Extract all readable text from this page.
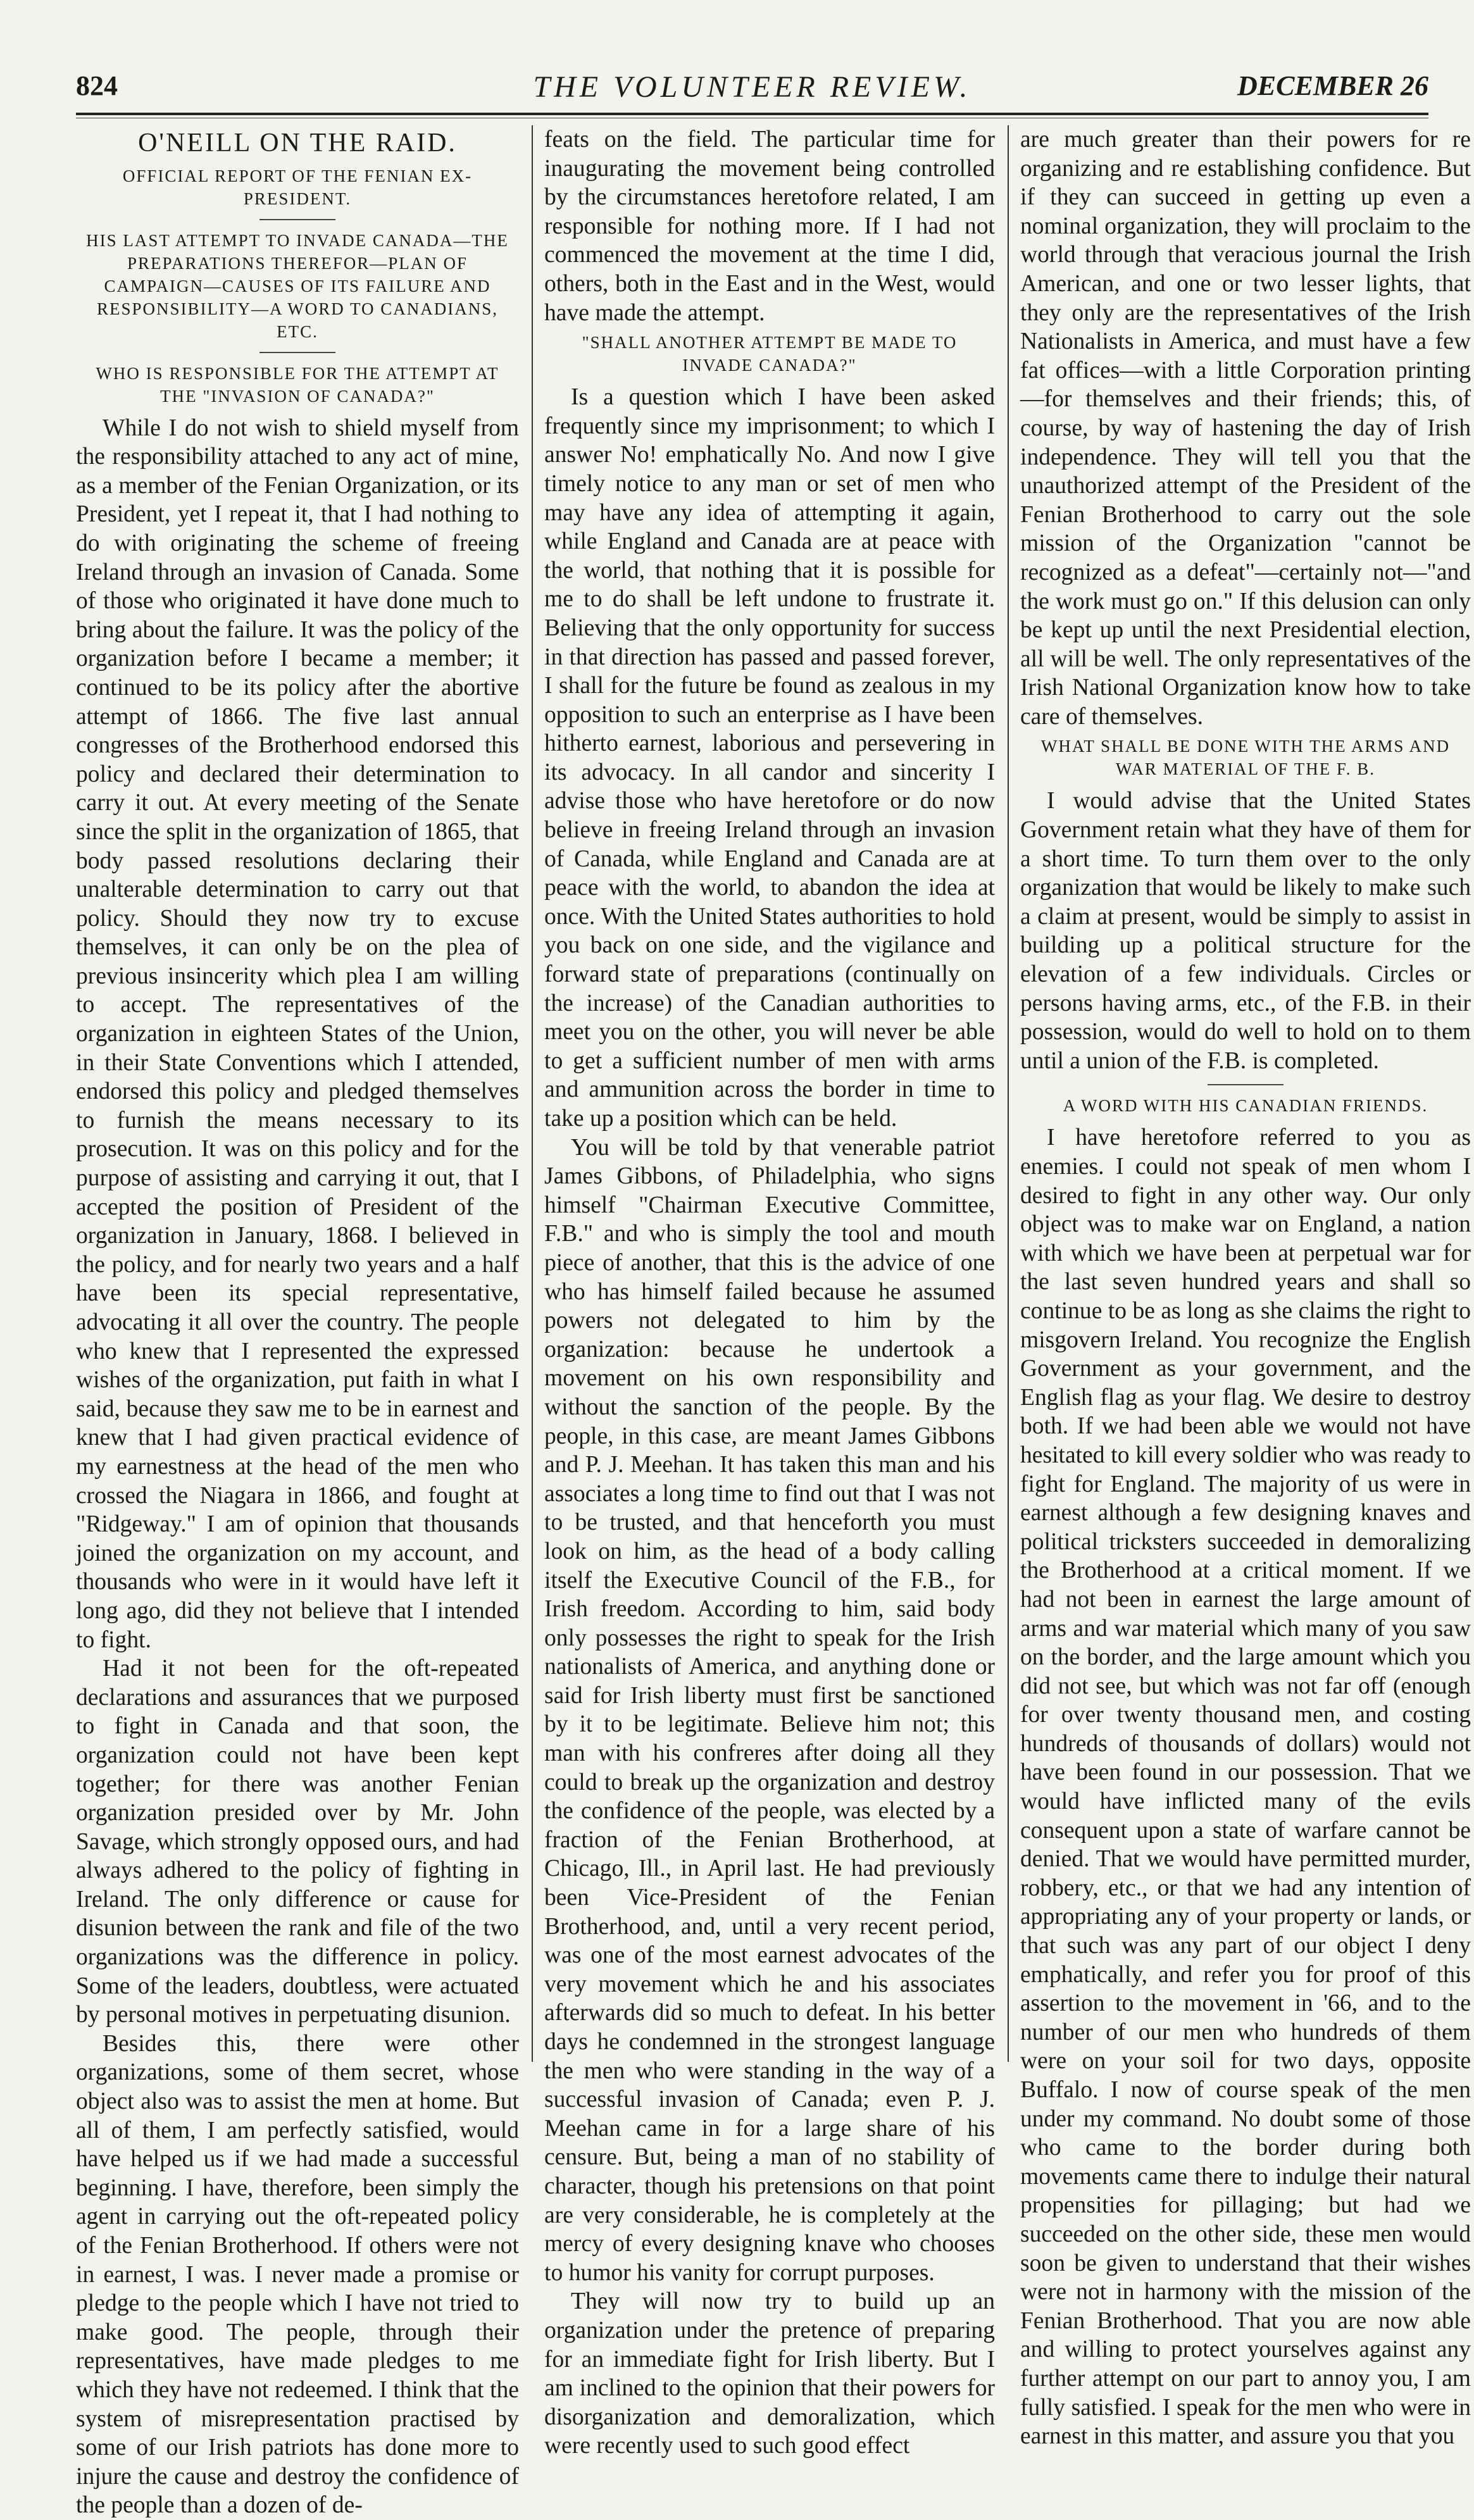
824	THE VOLUNTEER REVIEW.	DECEMBER 26
O'NEILL ON THE RAID.
OFFICIAL REPORT OF THE FENIAN EX-PRESIDENT.
HIS LAST ATTEMPT TO INVADE CANADA—THE PREPARATIONS THEREFOR—PLAN OF CAMPAIGN—CAUSES OF ITS FAILURE AND RESPONSIBILITY—A WORD TO CANADIANS, ETC.
WHO IS RESPONSIBLE FOR THE ATTEMPT AT THE "INVASION OF CANADA?"

While I do not wish to shield myself from the responsibility attached to any act of mine, as a member of the Fenian Organization, or its President, yet I repeat it, that I had nothing to do with originating the scheme of freeing Ireland through an invasion of Canada. Some of those who originated it have done much to bring about the failure. It was the policy of the organization before I became a member; it continued to be its policy after the abortive attempt of 1866. The five last annual congresses of the Brotherhood endorsed this policy and declared their determination to carry it out. At every meeting of the Senate since the split in the organization of 1865, that body passed resolutions declaring their unalterable determination to carry out that policy. Should they now try to excuse themselves, it can only be on the plea of previous insincerity which plea I am willing to accept. The representatives of the organization in eighteen States of the Union, in their State Conventions which I attended, endorsed this policy and pledged themselves to furnish the means necessary to its prosecution. It was on this policy and for the purpose of assisting and carrying it out, that I accepted the position of President of the organization in January, 1868. I believed in the policy, and for nearly two years and a half have been its special representative, advocating it all over the country. The people who knew that I represented the expressed wishes of the organization, put faith in what I said, because they saw me to be in earnest and knew that I had given practical evidence of my earnestness at the head of the men who crossed the Niagara in 1866, and fought at "Ridgeway." I am of opinion that thousands joined the organization on my account, and thousands who were in it would have left it long ago, did they not believe that I intended to fight.

Had it not been for the oft-repeated declarations and assurances that we purposed to fight in Canada and that soon, the organization could not have been kept together; for there was another Fenian organization presided over by Mr. John Savage, which strongly opposed ours, and had always adhered to the policy of fighting in Ireland. The only difference or cause for disunion between the rank and file of the two organizations was the difference in policy. Some of the leaders, doubtless, were actuated by personal motives in perpetuating disunion.

Besides this, there were other organizations, some of them secret, whose object also was to assist the men at home. But all of them, I am perfectly satisfied, would have helped us if we had made a successful beginning. I have, therefore, been simply the agent in carrying out the oft-repeated policy of the Fenian Brotherhood. If others were not in earnest, I was. I never made a promise or pledge to the people which I have not tried to make good. The people, through their representatives, have made pledges to me which they have not redeemed. I think that the system of misrepresentation practised by some of our Irish patriots has done more to injure the cause and destroy the confidence of the people than a dozen of de-

feats on the field. The particular time for inaugurating the movement being controlled by the circumstances heretofore related, I am responsible for nothing more. If I had not commenced the movement at the time I did, others, both in the East and in the West, would have made the attempt.

"SHALL ANOTHER ATTEMPT BE MADE TO INVADE CANADA?"

Is a question which I have been asked frequently since my imprisonment; to which I answer No! emphatically No. And now I give timely notice to any man or set of men who may have any idea of attempting it again, while England and Canada are at peace with the world, that nothing that it is possible for me to do shall be left undone to frustrate it. Believing that the only opportunity for success in that direction has passed and passed forever, I shall for the future be found as zealous in my opposition to such an enterprise as I have been hitherto earnest, laborious and persevering in its advocacy. In all candor and sincerity I advise those who have heretofore or do now believe in freeing Ireland through an invasion of Canada, while England and Canada are at peace with the world, to abandon the idea at once. With the United States authorities to hold you back on one side, and the vigilance and forward state of preparations (continually on the increase) of the Canadian authorities to meet you on the other, you will never be able to get a sufficient number of men with arms and ammunition across the border in time to take up a position which can be held.

You will be told by that venerable patriot James Gibbons, of Philadelphia, who signs himself "Chairman Executive Committee, F.B." and who is simply the tool and mouth piece of another, that this is the advice of one who has himself failed because he assumed powers not delegated to him by the organization: because he undertook a movement on his own responsibility and without the sanction of the people. By the people, in this case, are meant James Gibbons and P. J. Meehan. It has taken this man and his associates a long time to find out that I was not to be trusted, and that henceforth you must look on him, as the head of a body calling itself the Executive Council of the F.B., for Irish freedom. According to him, said body only possesses the right to speak for the Irish nationalists of America, and anything done or said for Irish liberty must first be sanctioned by it to be legitimate. Believe him not; this man with his confreres after doing all they could to break up the organization and destroy the confidence of the people, was elected by a fraction of the Fenian Brotherhood, at Chicago, Ill., in April last. He had previously been Vice-President of the Fenian Brotherhood, and, until a very recent period, was one of the most earnest advocates of the very movement which he and his associates afterwards did so much to defeat. In his better days he condemned in the strongest language the men who were standing in the way of a successful invasion of Canada; even P. J. Meehan came in for a large share of his censure. But, being a man of no stability of character, though his pretensions on that point are very considerable, he is completely at the mercy of every designing knave who chooses to humor his vanity for corrupt purposes.

They will now try to build up an organization under the pretence of preparing for an immediate fight for Irish liberty. But I am inclined to the opinion that their powers for disorganization and demoralization, which were recently used to such good effect

are much greater than their powers for re organizing and re establishing confidence. But if they can succeed in getting up even a nominal organization, they will proclaim to the world through that veracious journal the Irish American, and one or two lesser lights, that they only are the representatives of the Irish Nationalists in America, and must have a few fat offices—with a little Corporation printing—for themselves and their friends; this, of course, by way of hastening the day of Irish independence. They will tell you that the unauthorized attempt of the President of the Fenian Brotherhood to carry out the sole mission of the Organization "cannot be recognized as a defeat"—certainly not—"and the work must go on." If this delusion can only be kept up until the next Presidential election, all will be well. The only representatives of the Irish National Organization know how to take care of themselves.

WHAT SHALL BE DONE WITH THE ARMS AND WAR MATERIAL OF THE F. B.

I would advise that the United States Government retain what they have of them for a short time. To turn them over to the only organization that would be likely to make such a claim at present, would be simply to assist in building up a political structure for the elevation of a few individuals. Circles or persons having arms, etc., of the F.B. in their possession, would do well to hold on to them until a union of the F.B. is completed.

A WORD WITH HIS CANADIAN FRIENDS.

I have heretofore referred to you as enemies. I could not speak of men whom I desired to fight in any other way. Our only object was to make war on England, a nation with which we have been at perpetual war for the last seven hundred years and shall so continue to be as long as she claims the right to misgovern Ireland. You recognize the English Government as your government, and the English flag as your flag. We desire to destroy both. If we had been able we would not have hesitated to kill every soldier who was ready to fight for England. The majority of us were in earnest although a few designing knaves and political tricksters succeeded in demoralizing the Brotherhood at a critical moment. If we had not been in earnest the large amount of arms and war material which many of you saw on the border, and the large amount which you did not see, but which was not far off (enough for over twenty thousand men, and costing hundreds of thousands of dollars) would not have been found in our possession. That we would have inflicted many of the evils consequent upon a state of warfare cannot be denied. That we would have permitted murder, robbery, etc., or that we had any intention of appropriating any of your property or lands, or that such was any part of our object I deny emphatically, and refer you for proof of this assertion to the movement in '66, and to the number of our men who hundreds of them were on your soil for two days, opposite Buffalo. I now of course speak of the men under my command. No doubt some of those who came to the border during both movements came there to indulge their natural propensities for pillaging; but had we succeeded on the other side, these men would soon be given to understand that their wishes were not in harmony with the mission of the Fenian Brotherhood. That you are now able and willing to protect yourselves against any further attempt on our part to annoy you, I am fully satisfied. I speak for the men who were in earnest in this matter, and assure you that you
